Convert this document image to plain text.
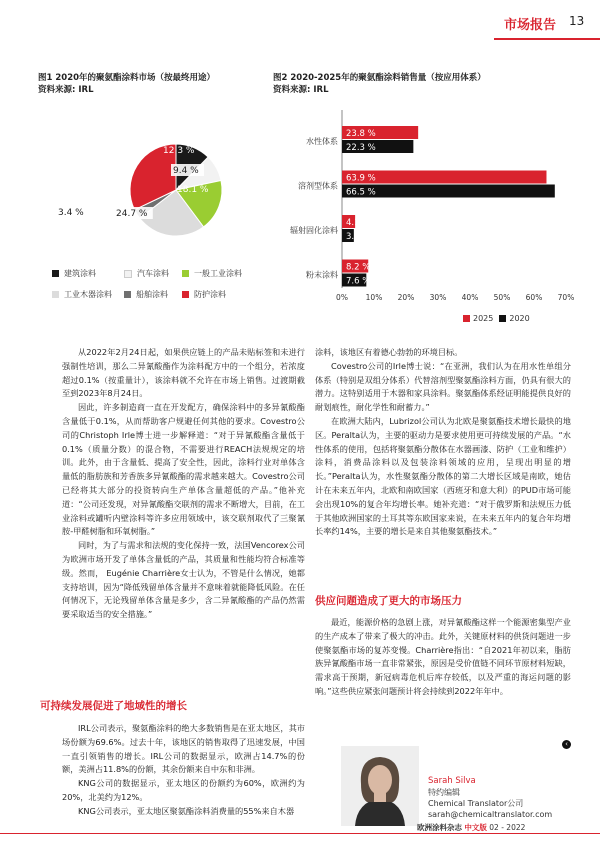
市场报告 13
图1 2020年的聚氨酯涂料市场（按最终用途）
资料来源: IRL
12.3 %
9.4 %
18.1 %
24.7 %
3.4 %
32.1 %
建筑涂料	汽车涂料	一般工业涂料
工业木器涂料	船舶涂料	防护涂料
图2 2020-2025年的聚氨酯涂料销售量（按应用体系）
资料来源: IRL
水性体系
23.8 %
22.3 %
溶剂型体系
63.9 %
66.5 %
辐射固化涂料
4.1 %
3.7 %
粉末涂料
8.2 %
7.6 %
0% 10% 20% 30% 40% 50% 60% 70%
2025 2020

从2022年2月24日起，如果供应链上的产品未贴标签和未进行强制性培训，那么二异氰酸酯作为涂料配方中的一个组分，若浓度超过0.1%（按重量计），该涂料就不允许在市场上销售。过渡期截至到2023年8月24日。

因此，许多制造商一直在开发配方，确保涂料中的多异氰酸酯含量低于0.1%，从而帮助客户规避任何其他的要求。Covestro公司的Christoph Irle博士进一步解释道：“对于异氰酸酯含量低于0.1%（质量分数）的混合物，不需要进行REACH法规规定的培训。此外，由于含量低、提高了安全性，因此，涂料行业对单体含量低的脂肪族和芳香族多异氰酸酯的需求越来越大。Covestro公司已经将其大部分的投资转向生产单体含量超低的产品。”他补充道：“公司还发现，对异氰酸酯交联剂的需求不断增大，目前，在工业涂料或罐听内壁涂料等许多应用领域中，该交联剂取代了三聚氰胺-甲醛树脂和环氧树脂。”

同时，为了与需求和法规的变化保持一致，法国Vencorex公司为欧洲市场开发了单体含量低的产品，其质量和性能均符合标准等级。然而， Eugénie Charrière女士认为，不管是什么情况，她都支持培训，因为“降低残留单体含量并不意味着就能降低风险。在任何情况下，无论残留单体含量是多少，含二异氰酸酯的产品仍然需要采取适当的安全措施。”

可持续发展促进了地域性的增长

IRL公司表示，聚氨酯涂料的绝大多数销售是在亚太地区，其市场份额为69.6%。过去十年，该地区的销售取得了迅速发展，中国一直引领销售的增长。IRL公司的数据显示，欧洲占14.7%的份额，美洲占11.8%的份额，其余份额来自中东和非洲。

KNG公司的数据显示，亚太地区的份额约为60%，欧洲约为20%，北美约为12%。

KNG公司表示，亚太地区聚氨酯涂料消费量的55%来自木器

涂料，该地区有着德心勃勃的环境目标。

Covestro公司的Irle博士说：“在亚洲，我们认为在用水性单组分体系（特别是双组分体系）代替溶剂型聚氨酯涂料方面，仍具有很大的潜力。这特别适用于木器和家具涂料。聚氨酯体系经证明能提供良好的耐划痕性，耐化学性和耐蓄力。”

在欧洲大陆内，Lubrizol公司认为北欧是聚氨酯技术增长最快的地区。Peralta认为，主要的驱动力是要求使用更可持续发展的产品。“水性体系的使用，包括将聚氨酯分散体在水器画漆、防护（工业和维护）涂料，消费品涂料以及包装涂料领域的应用，呈现出明显的增长。”Peralta认为，水性聚氨酯分散体的第二大增长区域是南欧，她估计在未来五年内，北欧和南欧国家（西班牙和意大利）的PUD市场可能会出现10%的复合年均增长率。她补充道：“对于俄罗斯和法规压力低于其他欧洲国家的土耳其等东欧国家来说，在未来五年内的复合年均增长率约14%，主要的增长是来自其他聚氨酯技术。”

供应问题造成了更大的市场压力

最近，能源价格的急剧上涨，对异氰酸酯这样一个能源密集型产业的生产成本了带来了极大的冲击。此外，关键原材料的供货问题进一步使聚氨酯市场的复苏变慢。Charrière指出：“自2021年初以来，脂肪族异氰酸酯市场一直非常紧张，原因是受价值链不同环节原材料短缺，需求高于预期，新冠病毒危机后库存较低，以及严重的海运问题的影响。”这些供应紧张问题预计将会持续到2022年年中。

‹
Sarah Silva
特约编辑
Chemical Translator公司
sarah@chemicaltranslator.com
欧洲涂料杂志 中文版 02 - 2022
